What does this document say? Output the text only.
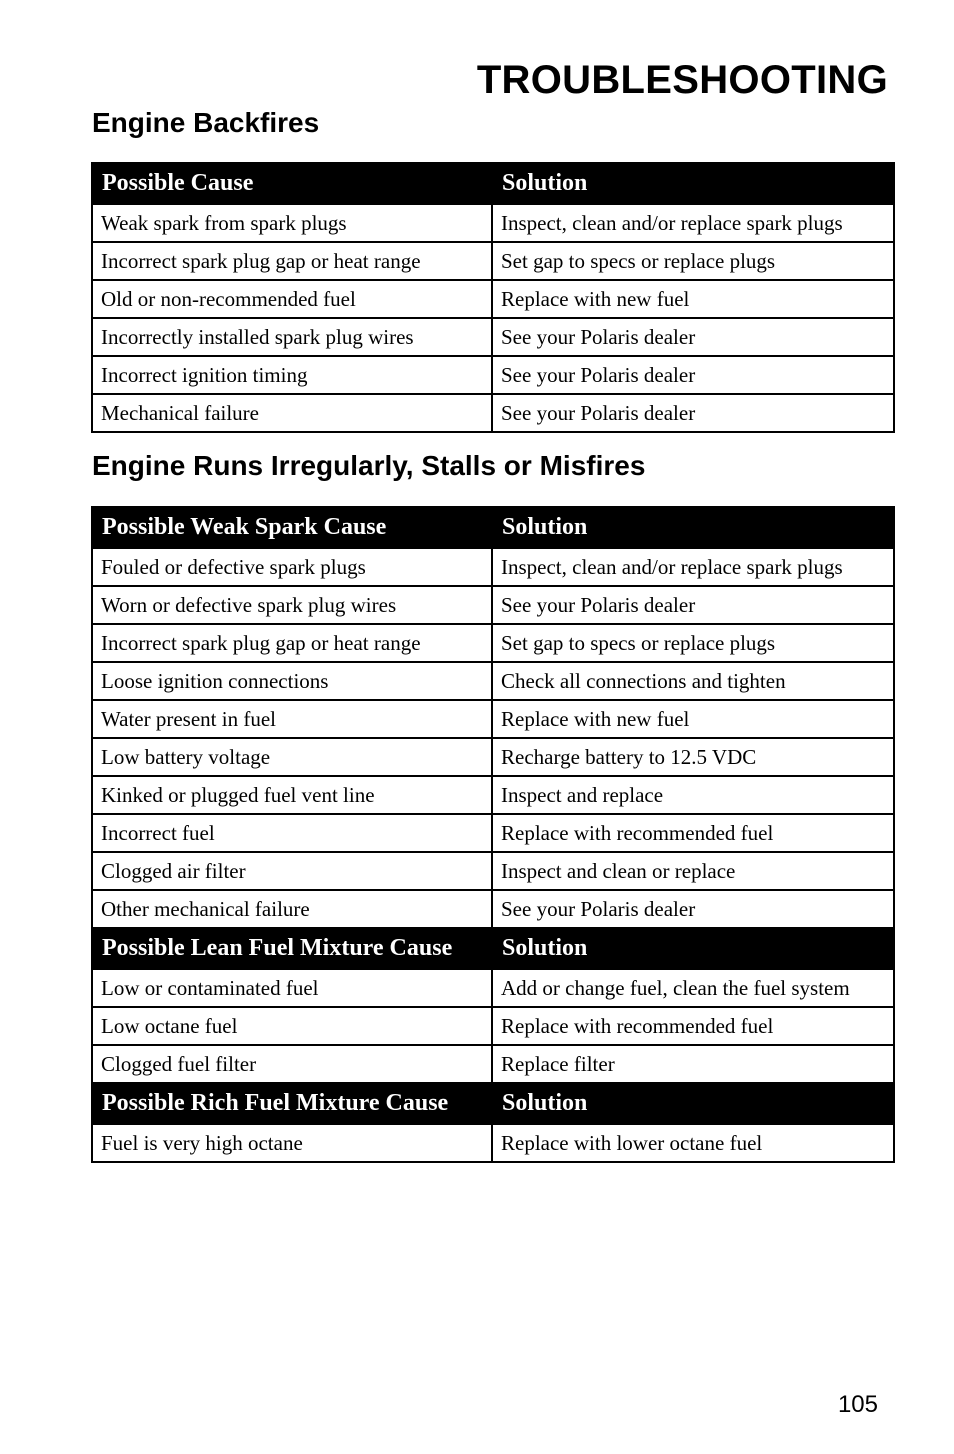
TROUBLESHOOTING
Engine Backfires
Possible Cause	Solution
Weak spark from spark plugs	Inspect, clean and/or replace spark plugs
Incorrect spark plug gap or heat range	Set gap to specs or replace plugs
Old or non-recommended fuel	Replace with new fuel
Incorrectly installed spark plug wires	See your Polaris dealer
Incorrect ignition timing	See your Polaris dealer
Mechanical failure	See your Polaris dealer
Engine Runs Irregularly, Stalls or Misfires
Possible Weak Spark Cause	Solution
Fouled or defective spark plugs	Inspect, clean and/or replace spark plugs
Worn or defective spark plug wires	See your Polaris dealer
Incorrect spark plug gap or heat range	Set gap to specs or replace plugs
Loose ignition connections	Check all connections and tighten
Water present in fuel	Replace with new fuel
Low battery voltage	Recharge battery to 12.5 VDC
Kinked or plugged fuel vent line	Inspect and replace
Incorrect fuel	Replace with recommended fuel
Clogged air filter	Inspect and clean or replace
Other mechanical failure	See your Polaris dealer
Possible Lean Fuel Mixture Cause	Solution
Low or contaminated fuel	Add or change fuel, clean the fuel system
Low octane fuel	Replace with recommended fuel
Clogged fuel filter	Replace filter
Possible Rich Fuel Mixture Cause	Solution
Fuel is very high octane	Replace with lower octane fuel
105
